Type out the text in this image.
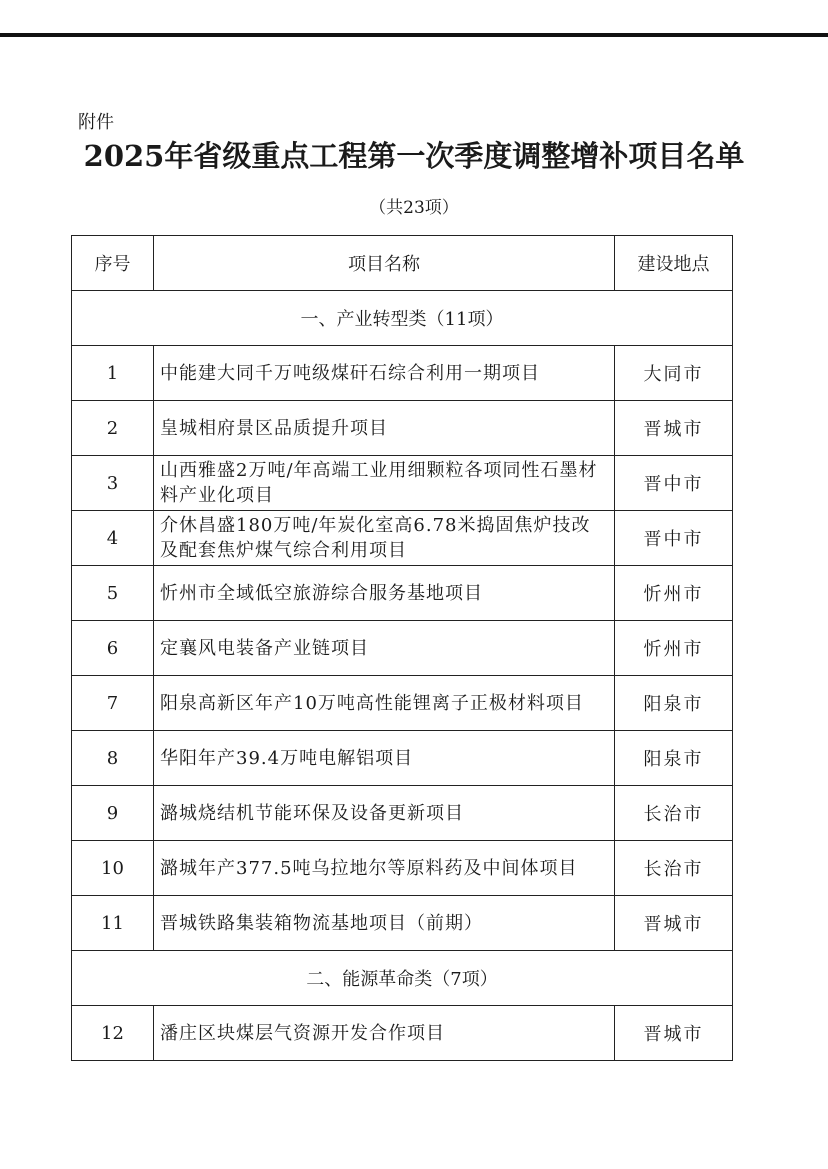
附件
2025年省级重点工程第一次季度调整增补项目名单
（共23项）
序号	项目名称	建设地点
一、产业转型类（11项）		
1	中能建大同千万吨级煤矸石综合利用一期项目	大同市
2	皇城相府景区品质提升项目	晋城市
3	山西雅盛2万吨/年高端工业用细颗粒各项同性石墨材料产业化项目	晋中市
4	介休昌盛180万吨/年炭化室高6.78米捣固焦炉技改及配套焦炉煤气综合利用项目	晋中市
5	忻州市全域低空旅游综合服务基地项目	忻州市
6	定襄风电装备产业链项目	忻州市
7	阳泉高新区年产10万吨高性能锂离子正极材料项目	阳泉市
8	华阳年产39.4万吨电解铝项目	阳泉市
9	潞城烧结机节能环保及设备更新项目	长治市
10	潞城年产377.5吨乌拉地尔等原料药及中间体项目	长治市
11	晋城铁路集装箱物流基地项目（前期）	晋城市
二、能源革命类（7项）		
12	潘庄区块煤层气资源开发合作项目	晋城市
